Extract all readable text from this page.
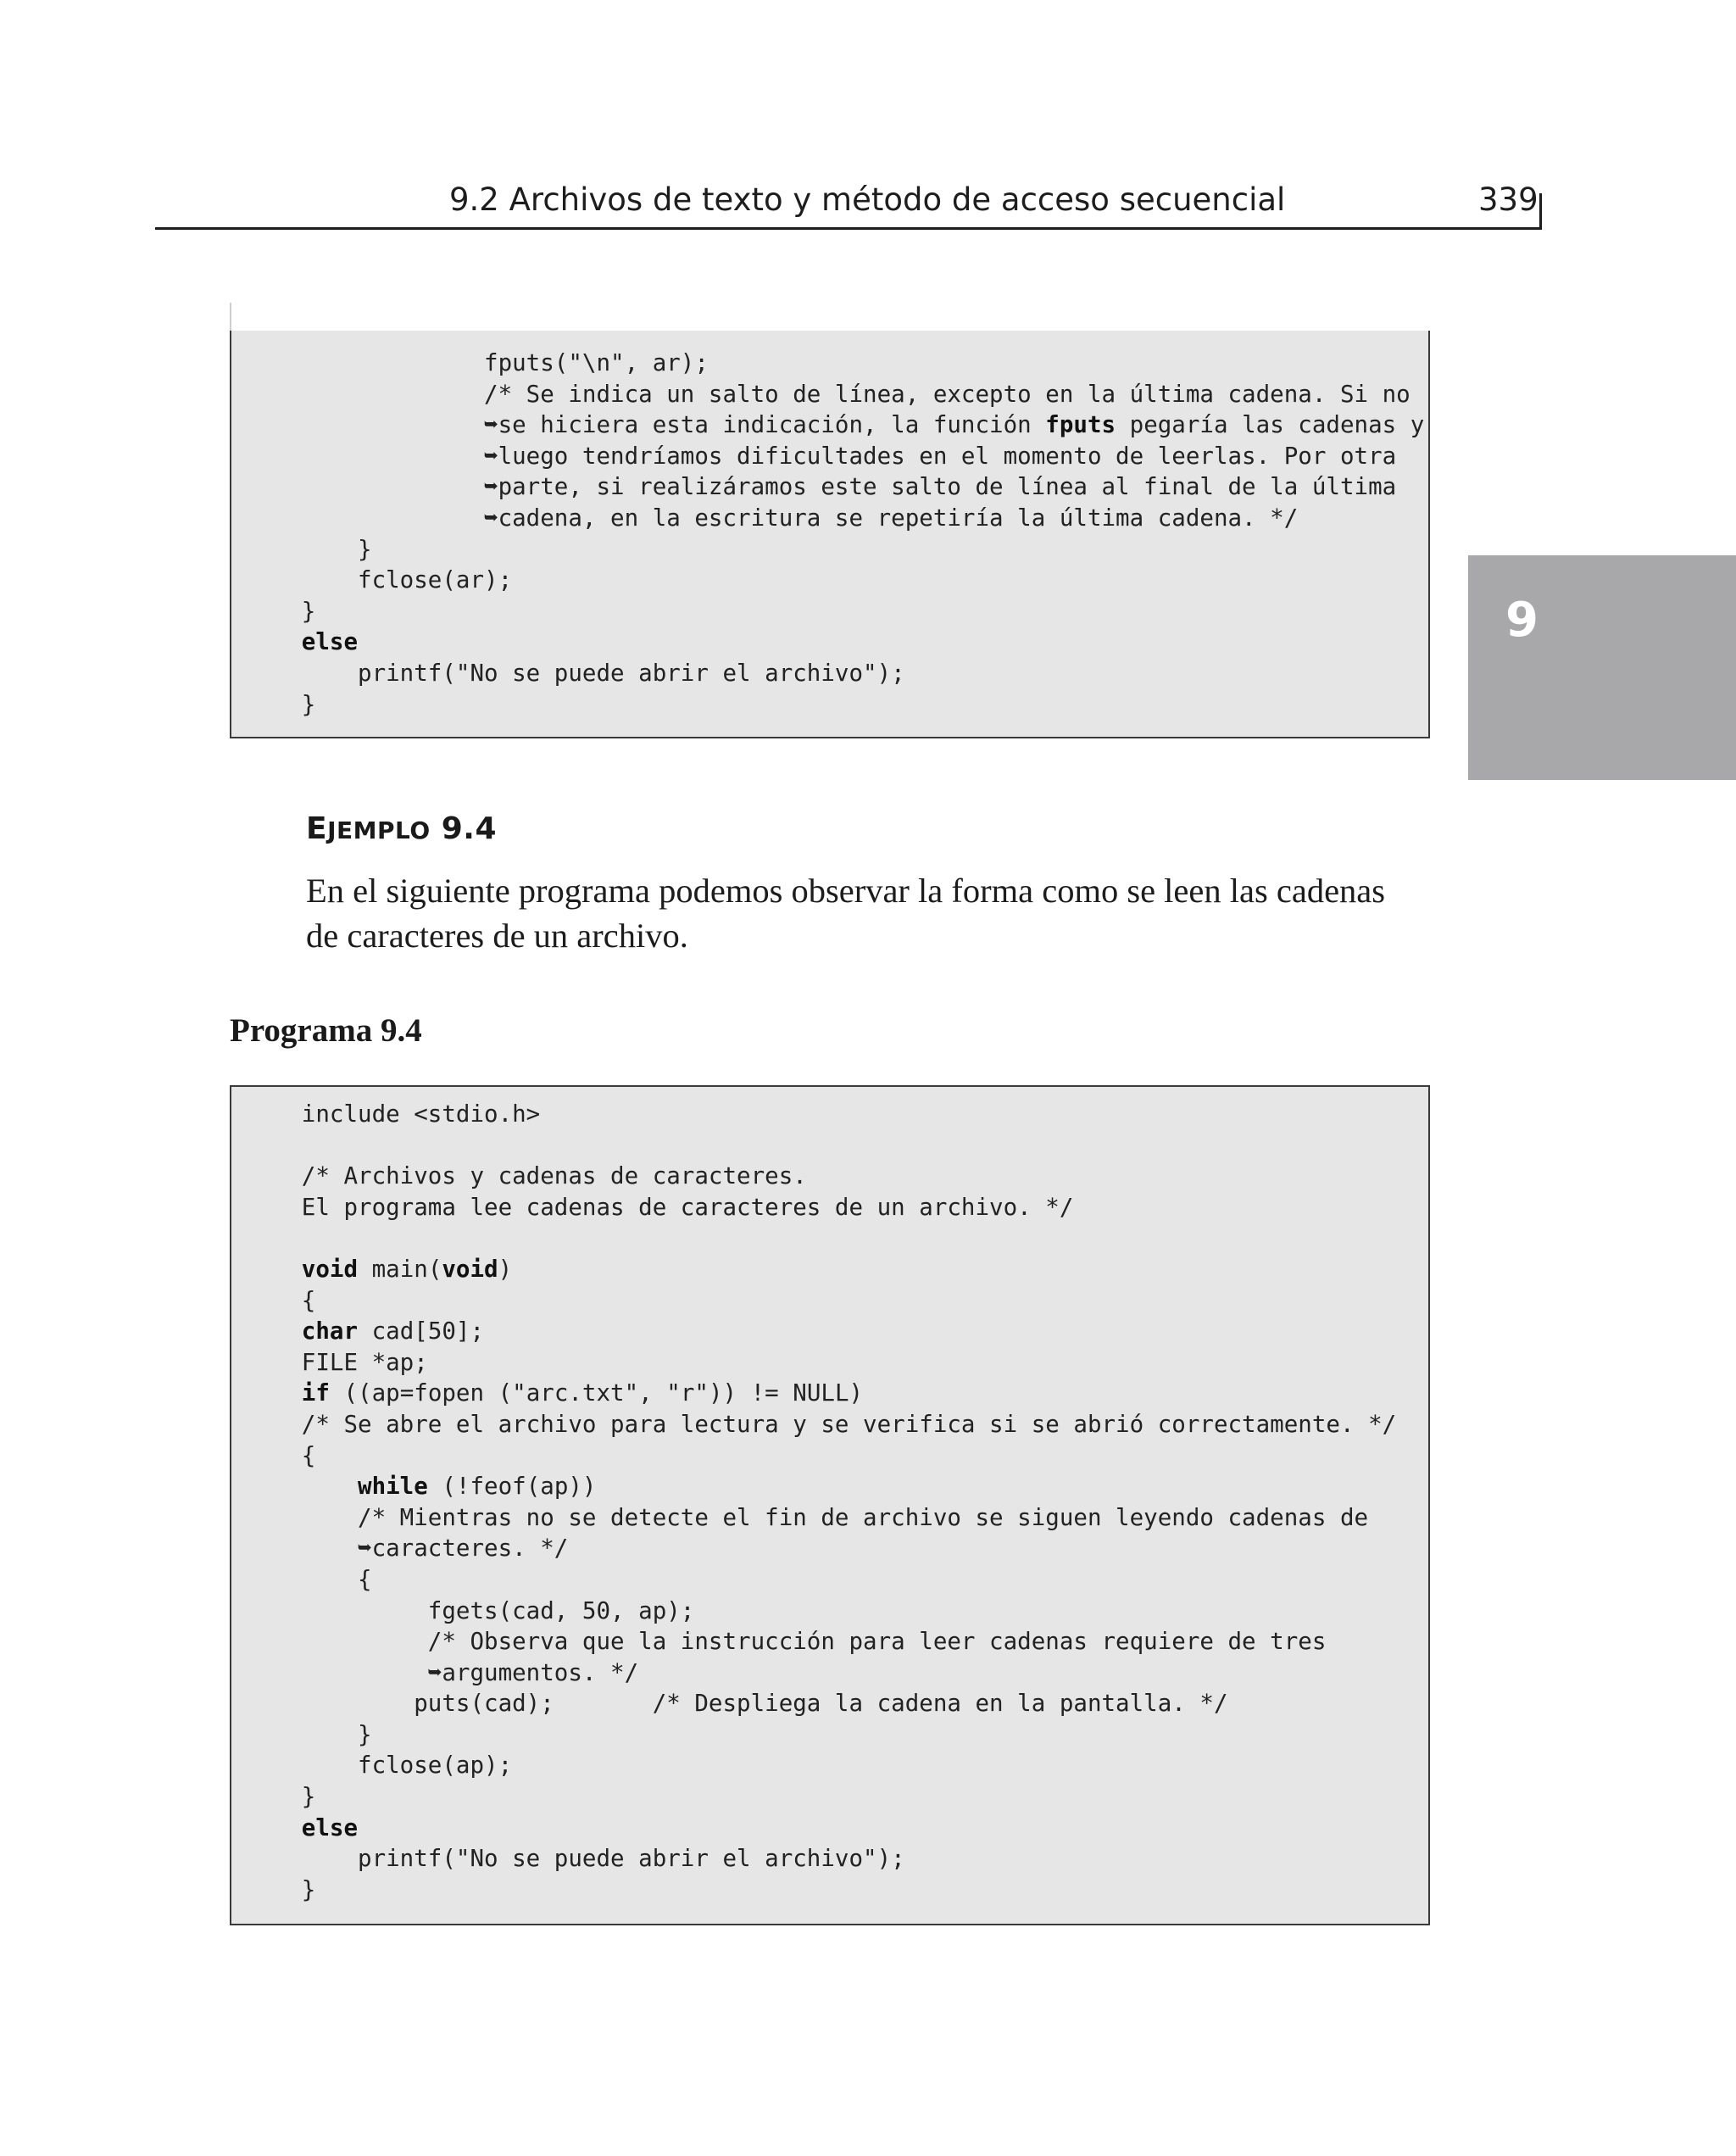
9.2 Archivos de texto y método de acceso secuencial	339
9
fputs("\n", ar);
/* Se indica un salto de línea, excepto en la última cadena. Si no
➥se hiciera esta indicación, la función fputs pegaría las cadenas y
➥luego tendríamos dificultades en el momento de leerlas. Por otra
➥parte, si realizáramos este salto de línea al final de la última
➥cadena, en la escritura se repetiría la última cadena. */
}
fclose(ar);
}
else
printf("No se puede abrir el archivo");
}
EJEMPLO 9.4
En el siguiente programa podemos observar la forma como se leen las cadenas de caracteres de un archivo.
Programa 9.4
include <stdio.h>

/* Archivos y cadenas de caracteres.
El programa lee cadenas de caracteres de un archivo. */

void main(void)
{
char cad[50];
FILE *ap;
if ((ap=fopen ("arc.txt", "r")) != NULL)
/* Se abre el archivo para lectura y se verifica si se abrió correctamente. */
{
while (!feof(ap))
/* Mientras no se detecte el fin de archivo se siguen leyendo cadenas de
➥caracteres. */
{
fgets(cad, 50, ap);
/* Observa que la instrucción para leer cadenas requiere de tres
➥argumentos. */
puts(cad);       /* Despliega la cadena en la pantalla. */
}
fclose(ap);
}
else
printf("No se puede abrir el archivo");
}
